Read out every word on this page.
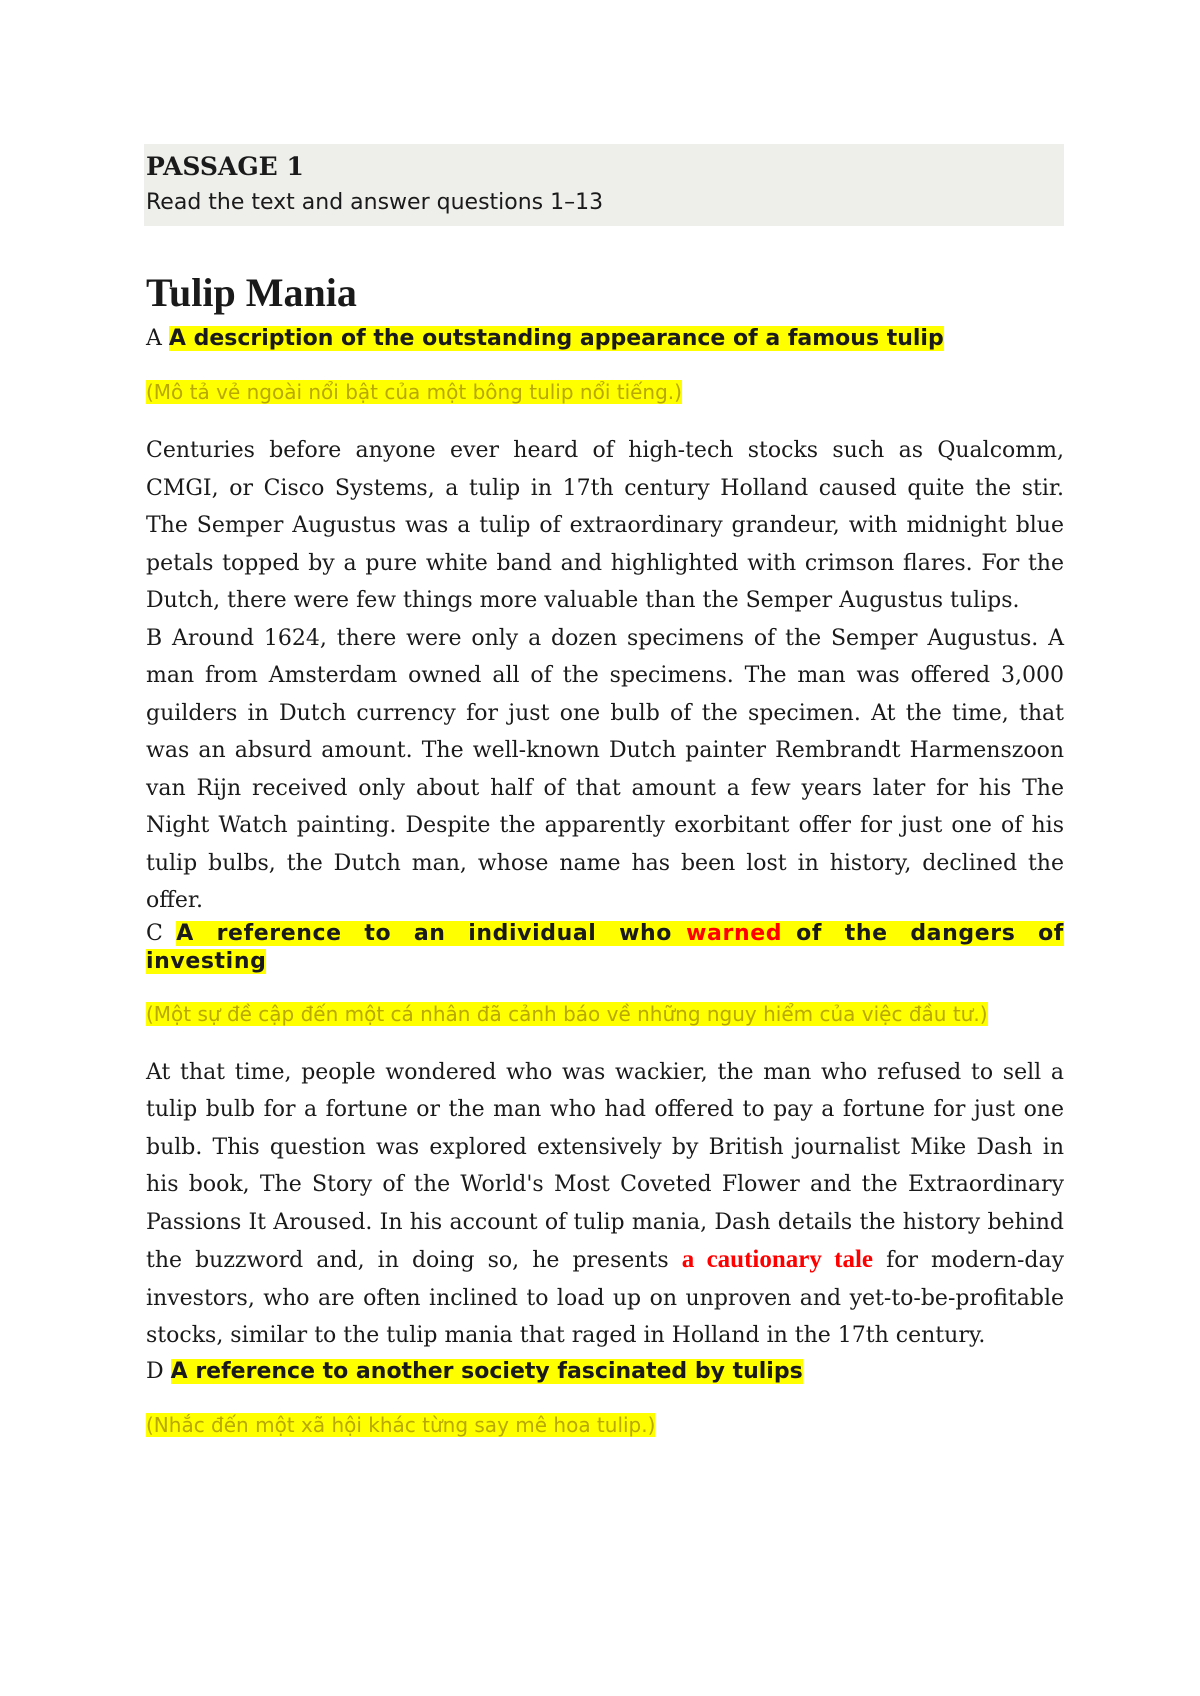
PASSAGE 1
Read the text and answer questions 1–13
Tulip Mania

A A description of the outstanding appearance of a famous tulip

(Mô tả vẻ ngoài nổi bật của một bông tulip nổi tiếng.)

Centuries before anyone ever heard of high-tech stocks such as Qualcomm, CMGI, or Cisco Systems, a tulip in 17th century Holland caused quite the stir. The Semper Augustus was a tulip of extraordinary grandeur, with midnight blue petals topped by a pure white band and highlighted with crimson flares. For the Dutch, there were few things more valuable than the Semper Augustus tulips.

B Around 1624, there were only a dozen specimens of the Semper Augustus. A man from Amsterdam owned all of the specimens. The man was offered 3,000 guilders in Dutch currency for just one bulb of the specimen. At the time, that was an absurd amount. The well-known Dutch painter Rembrandt Harmenszoon van Rijn received only about half of that amount a few years later for his The Night Watch painting. Despite the apparently exorbitant offer for just one of his tulip bulbs, the Dutch man, whose name has been lost in history, declined the offer.

C A reference to an individual who warned of the dangers of investing

(Một sự đề cập đến một cá nhân đã cảnh báo về những nguy hiểm của việc đầu tư.)

At that time, people wondered who was wackier, the man who refused to sell a tulip bulb for a fortune or the man who had offered to pay a fortune for just one bulb. This question was explored extensively by British journalist Mike Dash in his book, The Story of the World's Most Coveted Flower and the Extraordinary Passions It Aroused. In his account of tulip mania, Dash details the history behind the buzzword and, in doing so, he presents a cautionary tale for modern-day investors, who are often inclined to load up on unproven and yet-to-be-profitable stocks, similar to the tulip mania that raged in Holland in the 17th century.

D A reference to another society fascinated by tulips

(Nhắc đến một xã hội khác từng say mê hoa tulip.)
